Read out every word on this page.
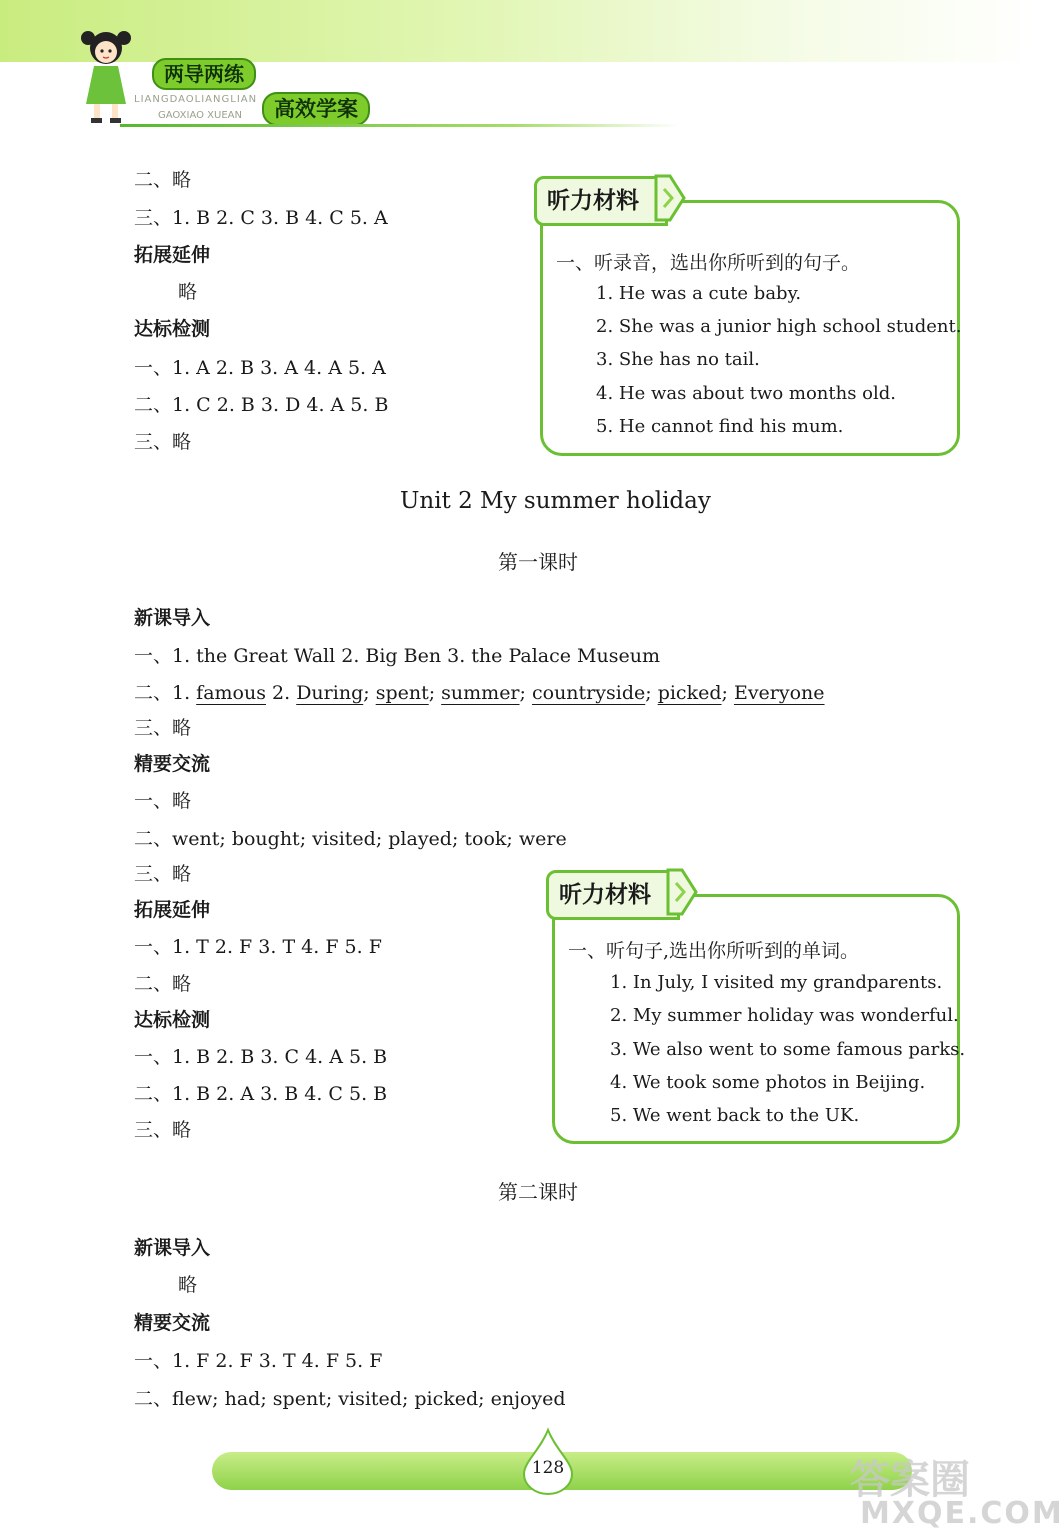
两导两练
LIANGDAOLIANGLIAN
GAOXIAO XUEAN	高效学案
二、略
三、1. B 2. C 3. B 4. C 5. A
拓展延伸
略
达标检测
一、1. A 2. B 3. A 4. A 5. A
二、1. C 2. B 3. D 4. A 5. B
三、略
听力材料
一、听录音，选出你所听到的句子。
1. He was a cute baby.
2. She was a junior high school student.
3. She has no tail.
4. He was about two months old.
5. He cannot find his mum.
Unit 2 My summer holiday
第一课时
新课导入
一、1. the Great Wall 2. Big Ben 3. the Palace Museum
二、1. famous 2. During; spent; summer; countryside; picked; Everyone
三、略
精要交流
一、略
二、went; bought; visited; played; took; were
三、略
拓展延伸
一、1. T 2. F 3. T 4. F 5. F
二、略
达标检测
一、1. B 2. B 3. C 4. A 5. B
二、1. B 2. A 3. B 4. C 5. B
三、略
听力材料
一、听句子,选出你所听到的单词。
1. In July, I visited my grandparents.
2. My summer holiday was wonderful.
3. We also went to some famous parks.
4. We took some photos in Beijing.
5. We went back to the UK.
第二课时
新课导入
略
精要交流
一、1. F 2. F 3. T 4. F 5. F
二、flew; had; spent; visited; picked; enjoyed
128	答案圈
MXQE.COM
